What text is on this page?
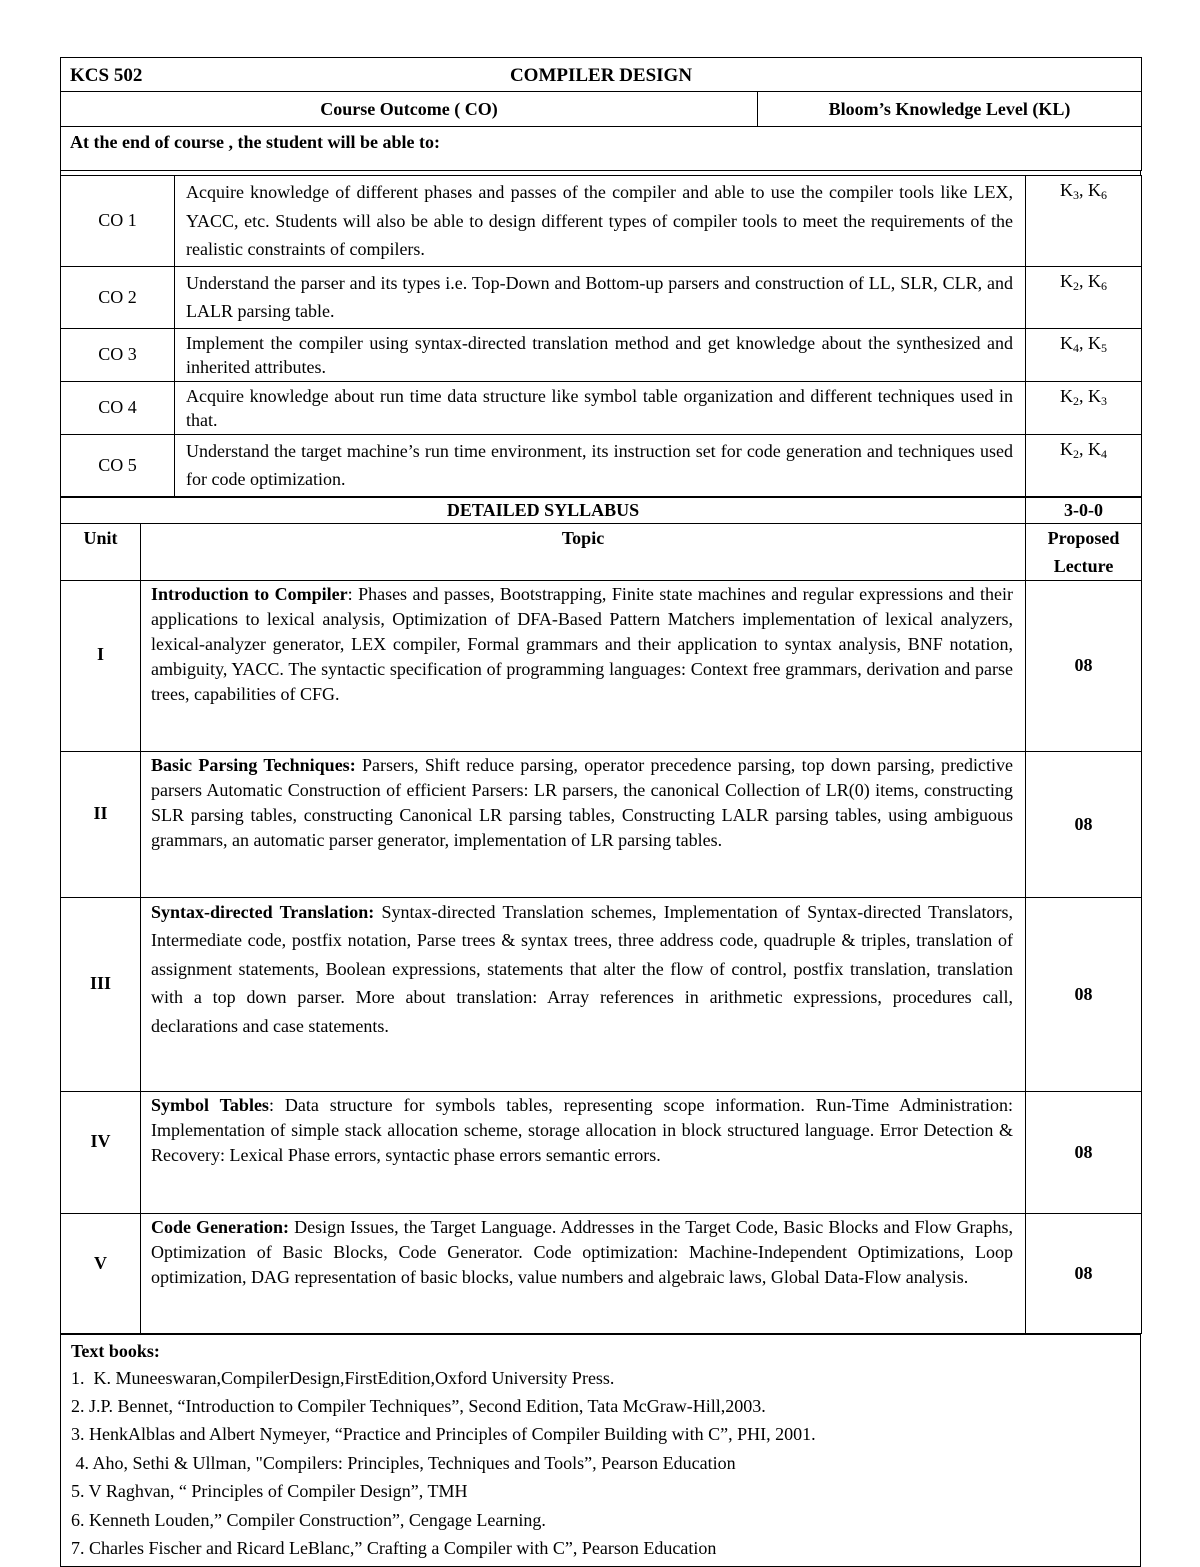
KCS 502	COMPILER DESIGN

Course Outcome ( CO)	Bloom’s Knowledge Level (KL)
At the end of course , the student will be able to:
CO 1	Acquire knowledge of different phases and passes of the compiler and able to use the compiler tools like LEX, YACC, etc. Students will also be able to design different types of compiler tools to meet the requirements of the realistic constraints of compilers.	$K_3$, $K_6$
CO 2	Understand the parser and its types i.e. Top-Down and Bottom-up parsers and construction of LL, SLR, CLR, and LALR parsing table.	$K_2$, $K_6$
CO 3	Implement the compiler using syntax-directed translation method and get knowledge about the synthesized and inherited attributes.	$K_4$, $K_5$
CO 4	Acquire knowledge about run time data structure like symbol table organization and different techniques used in that.	$K_2$, $K_3$
CO 5	Understand the target machine’s run time environment, its instruction set for code generation and techniques used for code optimization.	$K_2$, $K_4$
DETAILED SYLLABUS		3-0-0
Unit	Topic	Proposed
Lecture

I	Introduction to Compiler: Phases and passes, Bootstrapping, Finite state machines and regular expressions and their applications to lexical analysis, Optimization of DFA-Based Pattern Matchers implementation of lexical analyzers, lexical-analyzer generator, LEX compiler, Formal grammars and their application to syntax analysis, BNF notation, ambiguity, YACC. The syntactic specification of programming languages: Context free grammars, derivation and parse trees, capabilities of CFG.	08
II	Basic Parsing Techniques: Parsers, Shift reduce parsing, operator precedence parsing, top down parsing, predictive parsers Automatic Construction of efficient Parsers: LR parsers, the canonical Collection of LR(0) items, constructing SLR parsing tables, constructing Canonical LR parsing tables, Constructing LALR parsing tables, using ambiguous grammars, an automatic parser generator, implementation of LR parsing tables.	08
III	Syntax-directed Translation: Syntax-directed Translation schemes, Implementation of Syntax-directed Translators, Intermediate code, postfix notation, Parse trees & syntax trees, three address code, quadruple & triples, translation of assignment statements, Boolean expressions, statements that alter the flow of control, postfix translation, translation with a top down parser. More about translation: Array references in arithmetic expressions, procedures call, declarations and case statements.	08
IV	Symbol Tables: Data structure for symbols tables, representing scope information. Run-Time Administration: Implementation of simple stack allocation scheme, storage allocation in block structured language. Error Detection & Recovery: Lexical Phase errors, syntactic phase errors semantic errors.	08
V	Code Generation: Design Issues, the Target Language. Addresses in the Target Code, Basic Blocks and Flow Graphs, Optimization of Basic Blocks, Code Generator. Code optimization: Machine-Independent Optimizations, Loop optimization, DAG representation of basic blocks, value numbers and algebraic laws, Global Data-Flow analysis.	08
Text books:
1.  K. Muneeswaran,CompilerDesign,FirstEdition,Oxford University Press.
2. J.P. Bennet, “Introduction to Compiler Techniques”, Second Edition, Tata McGraw-Hill,2003.
3. HenkAlblas and Albert Nymeyer, “Practice and Principles of Compiler Building with C”, PHI, 2001.
4. Aho, Sethi & Ullman, "Compilers: Principles, Techniques and Tools”, Pearson Education
5. V Raghvan, “ Principles of Compiler Design”, TMH
6. Kenneth Louden,” Compiler Construction”, Cengage Learning.
7. Charles Fischer and Ricard LeBlanc,” Crafting a Compiler with C”, Pearson Education
